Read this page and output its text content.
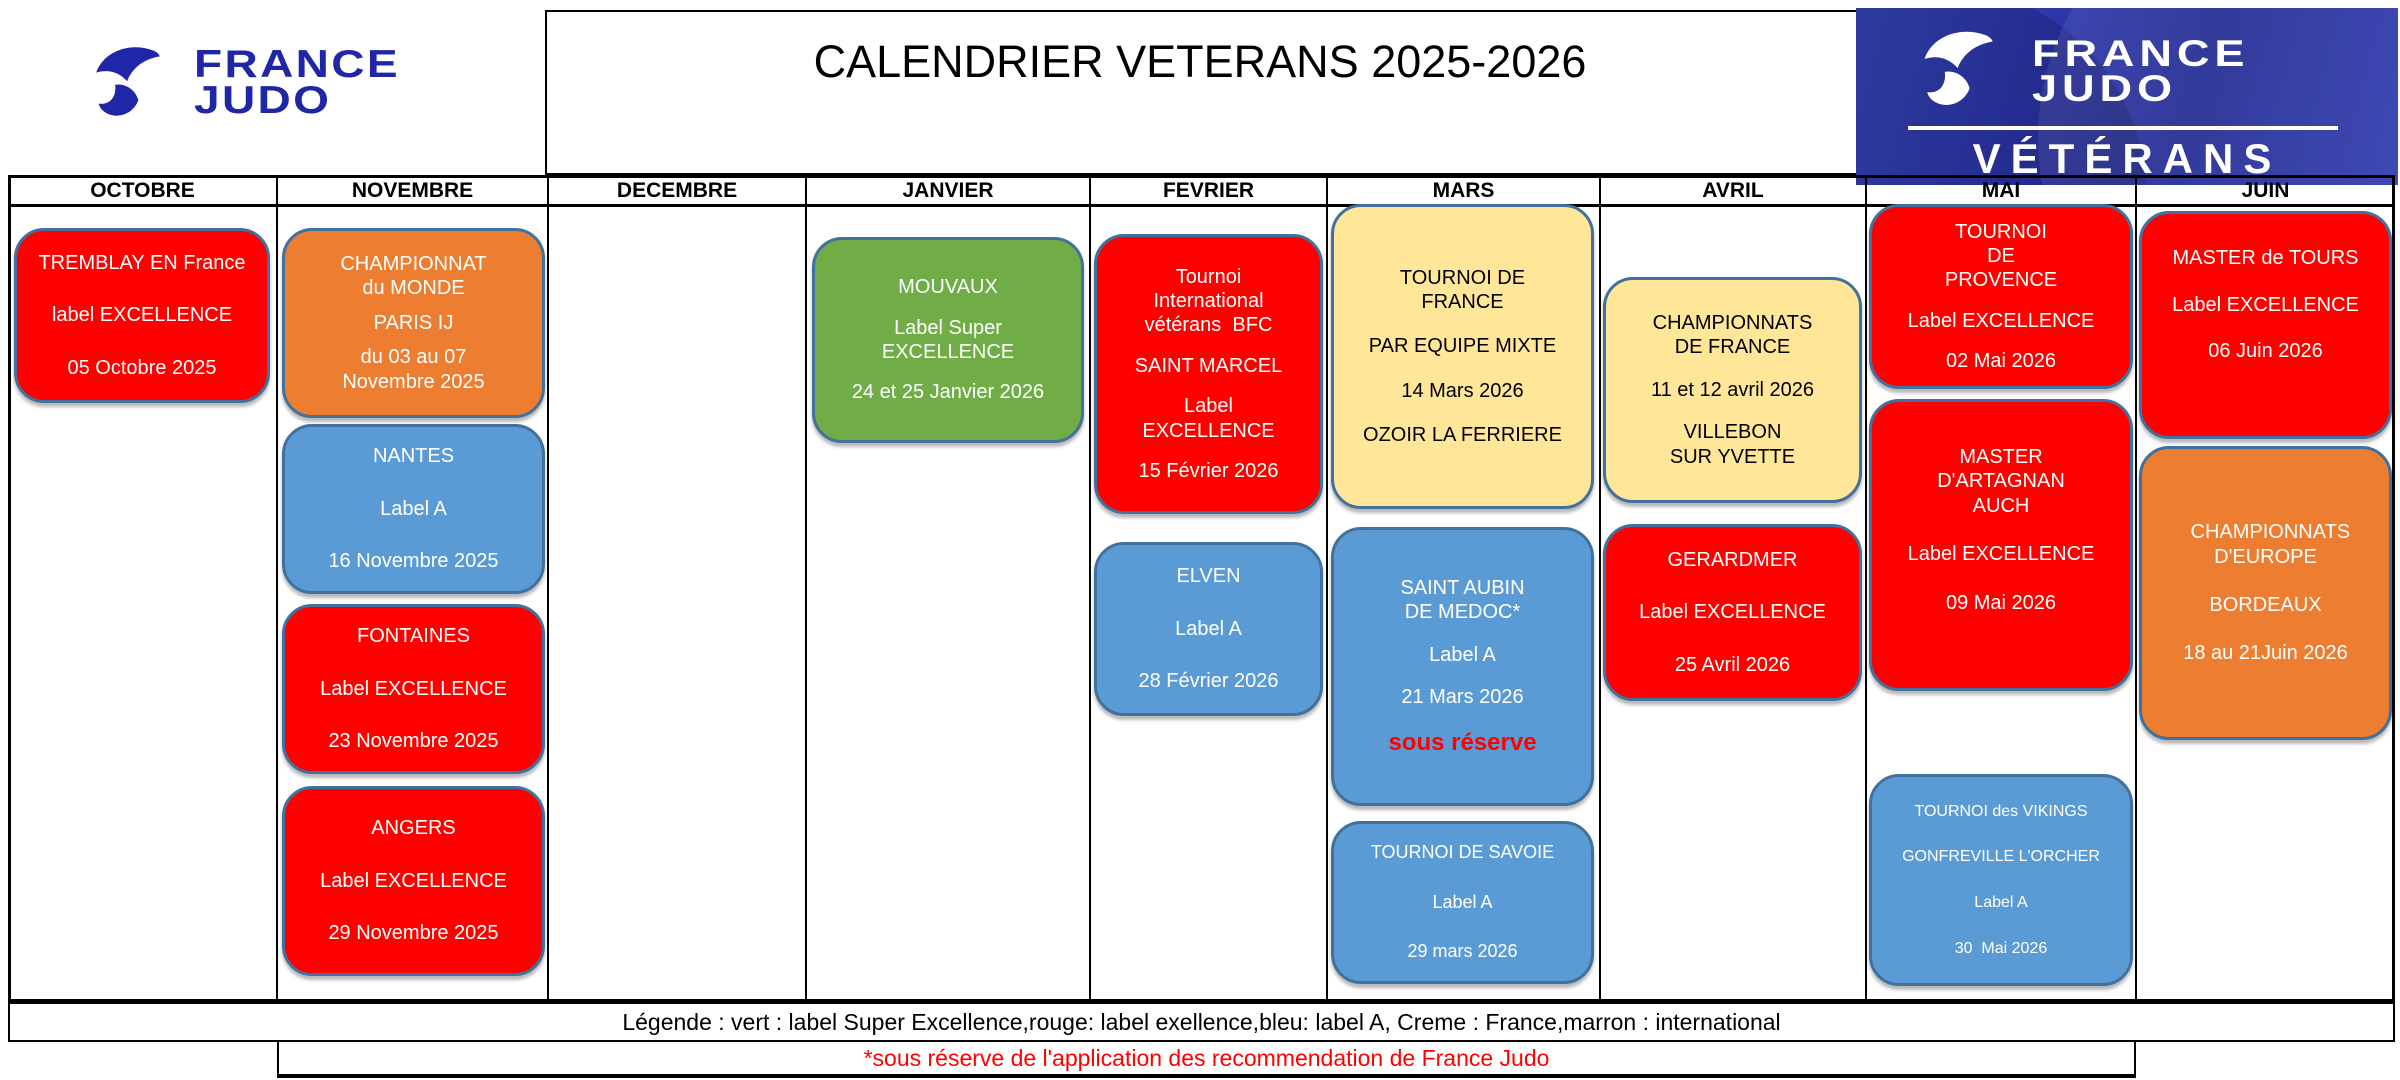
FRANCE
JUDO
CALENDRIER VETERANS 2025-2026	FRANCE
JUDO
VÉTÉRANS
Légende : vert : label Super Excellence,rouge: label exellence,bleu: label A, Creme : France,marron : international
*sous réserve de l'application des recommendation de France Judo
OCTOBRE	NOVEMBRE	DECEMBRE	JANVIER	FEVRIER	MARS	AVRIL	MAI	JUIN
TREMBLAY EN France
label EXCELLENCE
05 Octobre 2025
CHAMPIONNAT du MONDE
PARIS IJ
du 03 au 07 Novembre 2025
NANTES
Label A
16 Novembre 2025
FONTAINES
Label EXCELLENCE
23 Novembre 2025
ANGERS
Label EXCELLENCE
29 Novembre 2025
MOUVAUX
Label Super EXCELLENCE
24 et 25 Janvier 2026
Tournoi International vétérans  BFC
SAINT MARCEL
Label EXCELLENCE
15 Février 2026
ELVEN
Label A
28 Février 2026
TOURNOI DE FRANCE
PAR EQUIPE MIXTE
14 Mars 2026
OZOIR LA FERRIERE
SAINT AUBIN DE MEDOC*
Label A
21 Mars 2026
sous réserve
TOURNOI DE SAVOIE
Label A
29 mars 2026
CHAMPIONNATS DE FRANCE
11 et 12 avril 2026
VILLEBON SUR YVETTE
GERARDMER
Label EXCELLENCE
25 Avril 2026
TOURNOI DE PROVENCE
Label EXCELLENCE
02 Mai 2026
MASTER D'ARTAGNAN AUCH
Label EXCELLENCE
09 Mai 2026
TOURNOI des VIKINGS
GONFREVILLE L'ORCHER
Label A
30  Mai 2026
MASTER de TOURS
Label EXCELLENCE
06 Juin 2026
CHAMPIONNATS D'EUROPE
BORDEAUX
18 au 21Juin 2026
